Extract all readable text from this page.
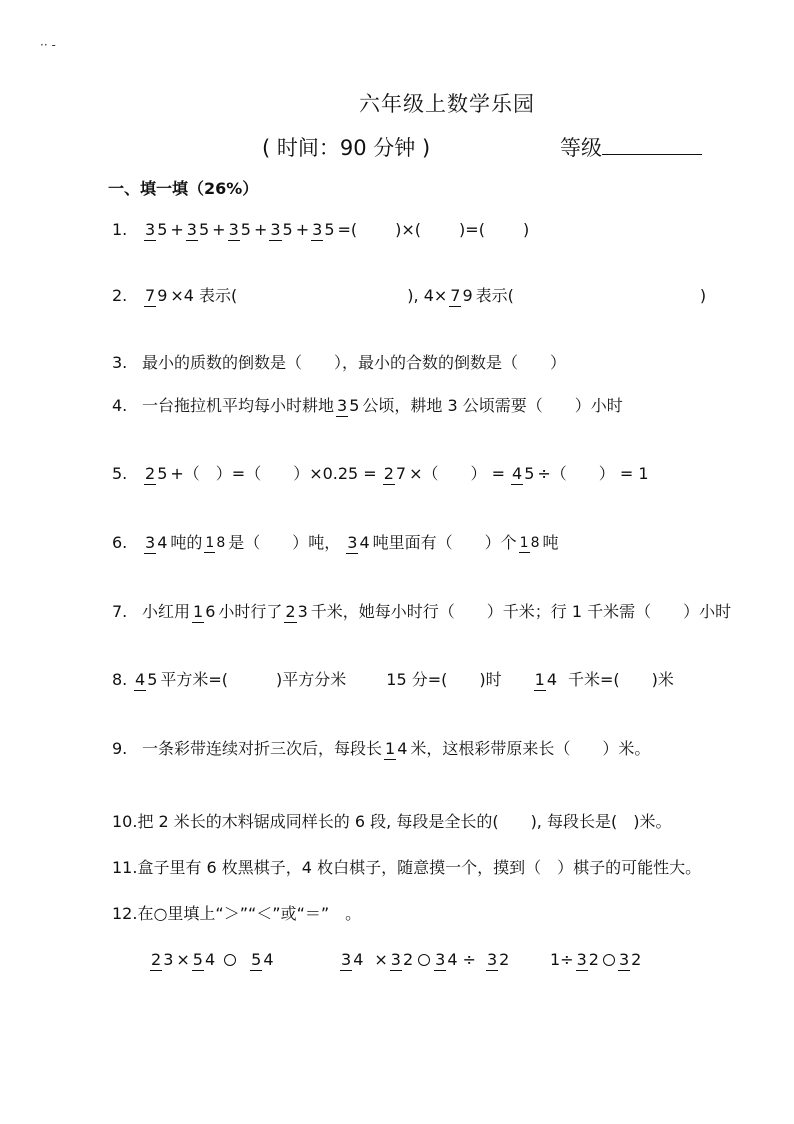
·· -
六年级上数学乐园
( 时间：90 分钟 )	等级
一、填一填（26%）
1.	3 5 + 3 5 + 3 5 + 3 5 + 3 5 =( )×( )=( )
2.	7 9 ×4 表示(	), 4× 7 9 表示(	)
3. 最小的质数的倒数是（　　），最小的合数的倒数是（　　）
4. 一台拖拉机平均每小时耕地 3 5 公顷，耕地 3 公顷需要（　　）小时
5.	2 5 +（　）=（　　）×0.25 = 2 7 ×（　　） = 4 5 ÷（　　） = 1
6.	3 4 吨的 1 8 是（　　）吨， 3 4 吨里面有（　　）个 1 8 吨
7. 小红用 1 6 小时行了 2 3 千米，她每小时行（　　）千米；行 1 千米需（　　）小时
8. 4 5 平方米=(　　　)平方分米	15 分=(　　)时 1 4 千米=(　　)米
9. 一条彩带连续对折三次后，每段长 1 4 米，这根彩带原来长（　　）米。
10.把 2 米长的木料锯成同样长的 6 段, 每段是全长的(　　), 每段长是(　)米。
11.盒子里有 6 枚黑棋子，4 枚白棋子，随意摸一个，摸到（　）棋子的可能性大。
12.在○里填上“＞”“＜”或“＝”　。
2 3 × 5 4 5 4	3 4 × 3 2 3 4 ÷ 3 2	1÷ 3 2 3 2
